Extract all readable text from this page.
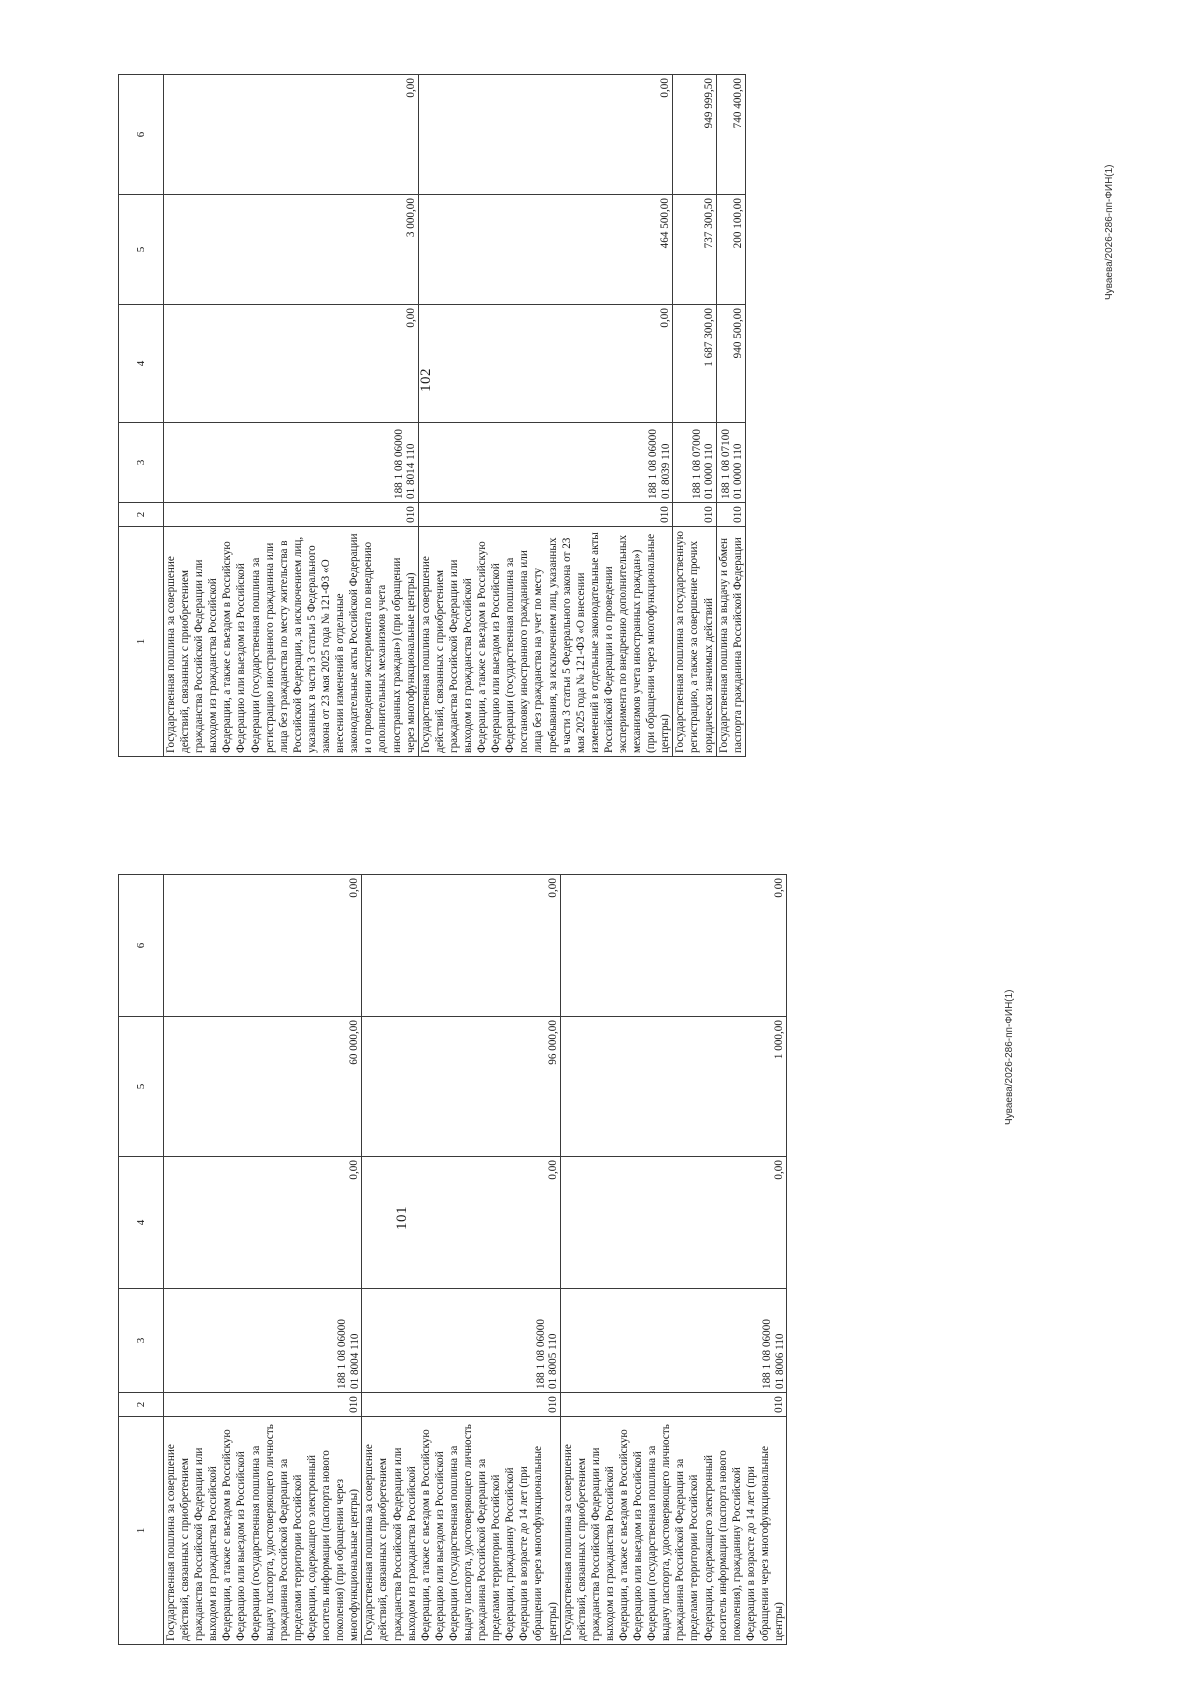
101
1	2	3	4	5	6
Государственная пошлина за совершение действий, связанных с приобретением гражданства Российской Федерации или выходом из гражданства Российской Федерации, а также с въездом в Российскую Федерацию или выездом из Российской Федерации (государственная пошлина за выдачу паспорта, удостоверяющего личность гражданина Российской Федерации за пределами территории Российской Федерации, содержащего электронный носитель информации (паспорта нового поколения) (при обращении через многофункциональные центры)	010	188 1 08 06000
01 8004 110	0,00	60 000,00	0,00
Государственная пошлина за совершение действий, связанных с приобретением гражданства Российской Федерации или выходом из гражданства Российской Федерации, а также с въездом в Российскую Федерацию или выездом из Российской Федерации (государственная пошлина за выдачу паспорта, удостоверяющего личность гражданина Российской Федерации за пределами территории Российской Федерации, гражданину Российской Федерации в возрасте до 14 лет (при обращении через многофункциональные центры)	010	188 1 08 06000
01 8005 110	0,00	96 000,00	0,00
Государственная пошлина за совершение действий, связанных с приобретением гражданства Российской Федерации или выходом из гражданства Российской Федерации, а также с въездом в Российскую Федерацию или выездом из Российской Федерации (государственная пошлина за выдачу паспорта, удостоверяющего личность гражданина Российской Федерации за пределами территории Российской Федерации, содержащего электронный носитель информации (паспорта нового поколения), гражданину Российской Федерации в возрасте до 14 лет (при обращении через многофункциональные центры)	010	188 1 08 06000
01 8006 110	0,00	1 000,00	0,00
Чуваева/2026-286-пп-ФИН(1)
102
1	2	3	4	5	6
Государственная пошлина за совершение действий, связанных с приобретением гражданства Российской Федерации или выходом из гражданства Российской Федерации, а также с въездом в Российскую Федерацию или выездом из Российской Федерации (государственная пошлина за регистрацию иностранного гражданина или лица без гражданства по месту жительства в Российской Федерации, за исключением лиц, указанных в части 3 статьи 5 Федерального закона от 23 мая 2025 года № 121-ФЗ «О внесении изменений в отдельные законодательные акты Российской Федерации и о проведении эксперимента по внедрению дополнительных механизмов учета иностранных граждан») (при обращении через многофункциональные центры)	010	188 1 08 06000
01 8014 110	0,00	3 000,00	0,00
Государственная пошлина за совершение действий, связанных с приобретением гражданства Российской Федерации или выходом из гражданства Российской Федерации, а также с въездом в Российскую Федерацию или выездом из Российской Федерации (государственная пошлина за постановку иностранного гражданина или лица без гражданства на учет по месту пребывания, за исключением лиц, указанных в части 3 статьи 5 Федерального закона от 23 мая 2025 года № 121-ФЗ «О внесении изменений в отдельные законодательные акты Российской Федерации и о проведении эксперимента по внедрению дополнительных механизмов учета иностранных граждан») (при обращении через многофункциональные центры)	010	188 1 08 06000
01 8039 110	0,00	464 500,00	0,00
Государственная пошлина за государственную регистрацию, а также за совершение прочих юридически значимых действий	010	188 1 08 07000
01 0000 110	1 687 300,00	737 300,50	949 999,50
Государственная пошлина за выдачу и обмен паспорта гражданина Российской Федерации	010	188 1 08 07100
01 0000 110	940 500,00	200 100,00	740 400,00
Чуваева/2026-286-пп-ФИН(1)
